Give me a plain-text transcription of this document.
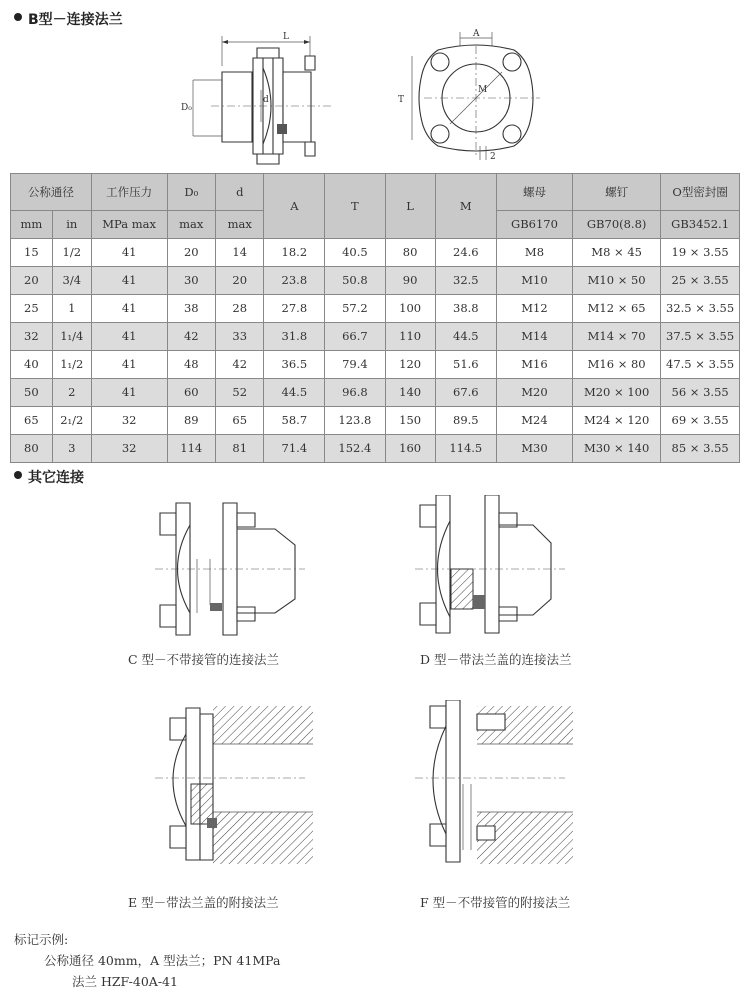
B型－连接法兰
L
D₀
d
A
T
M
2
公称通径		工作压力	D₀	d	A	T	L	M	螺母	螺钉	O型密封圈
mm	in	MPa max	max	max					GB6170	GB70(8.8)	GB3452.1
15	1/2	41	20	14	18.2	40.5	80	24.6	M8	M8 × 45	19 × 3.55
20	3/4	41	30	20	23.8	50.8	90	32.5	M10	M10 × 50	25 × 3.55
25	1	41	38	28	27.8	57.2	100	38.8	M12	M12 × 65	32.5 × 3.55
32	1₁/4	41	42	33	31.8	66.7	110	44.5	M14	M14 × 70	37.5 × 3.55
40	1₁/2	41	48	42	36.5	79.4	120	51.6	M16	M16 × 80	47.5 × 3.55
50	2	41	60	52	44.5	96.8	140	67.6	M20	M20 × 100	56 × 3.55
65	2₁/2	32	89	65	58.7	123.8	150	89.5	M24	M24 × 120	69 × 3.55
80	3	32	114	81	71.4	152.4	160	114.5	M30	M30 × 140	85 × 3.55
其它连接
C 型－不带接管的连接法兰	D 型－带法兰盖的连接法兰
E 型－带法兰盖的附接法兰	F 型－不带接管的附接法兰
标记示例:
公称通径 40mm，A 型法兰；PN 41MPa
法兰 HZF-40A-41
